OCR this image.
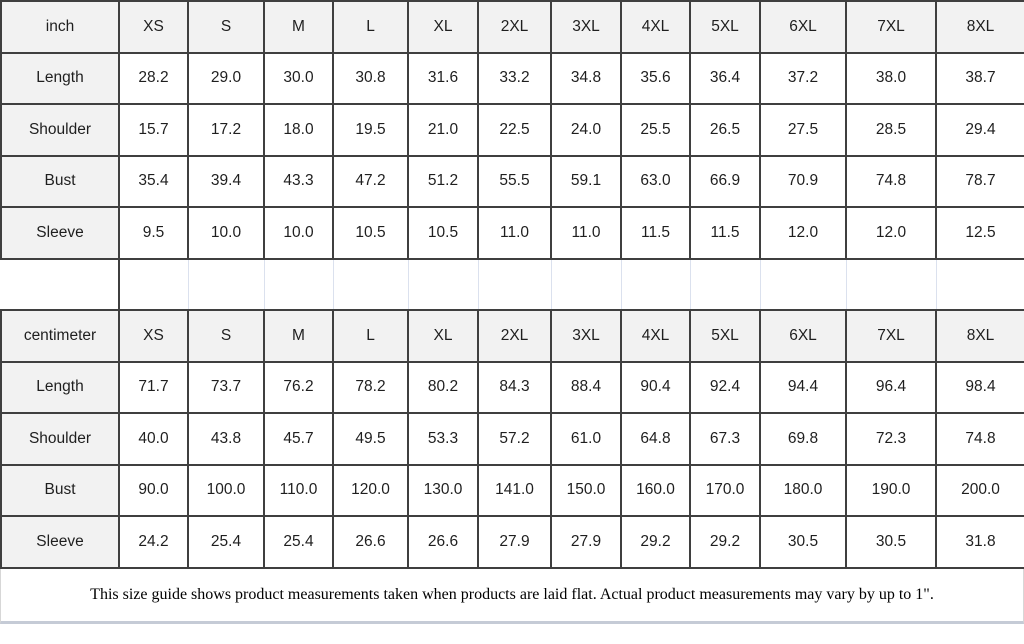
inch	XS	S	M	L	XL	2XL	3XL	4XL	5XL	6XL	7XL	8XL
Length	28.2	29.0	30.0	30.8	31.6	33.2	34.8	35.6	36.4	37.2	38.0	38.7
Shoulder	15.7	17.2	18.0	19.5	21.0	22.5	24.0	25.5	26.5	27.5	28.5	29.4
Bust	35.4	39.4	43.3	47.2	51.2	55.5	59.1	63.0	66.9	70.9	74.8	78.7
Sleeve	9.5	10.0	10.0	10.5	10.5	11.0	11.0	11.5	11.5	12.0	12.0	12.5

centimeter	XS	S	M	L	XL	2XL	3XL	4XL	5XL	6XL	7XL	8XL
Length	71.7	73.7	76.2	78.2	80.2	84.3	88.4	90.4	92.4	94.4	96.4	98.4
Shoulder	40.0	43.8	45.7	49.5	53.3	57.2	61.0	64.8	67.3	69.8	72.3	74.8
Bust	90.0	100.0	110.0	120.0	130.0	141.0	150.0	160.0	170.0	180.0	190.0	200.0
Sleeve	24.2	25.4	25.4	26.6	26.6	27.9	27.9	29.2	29.2	30.5	30.5	31.8
This size guide shows product measurements taken when products are laid flat. Actual product measurements may vary by up to 1".
